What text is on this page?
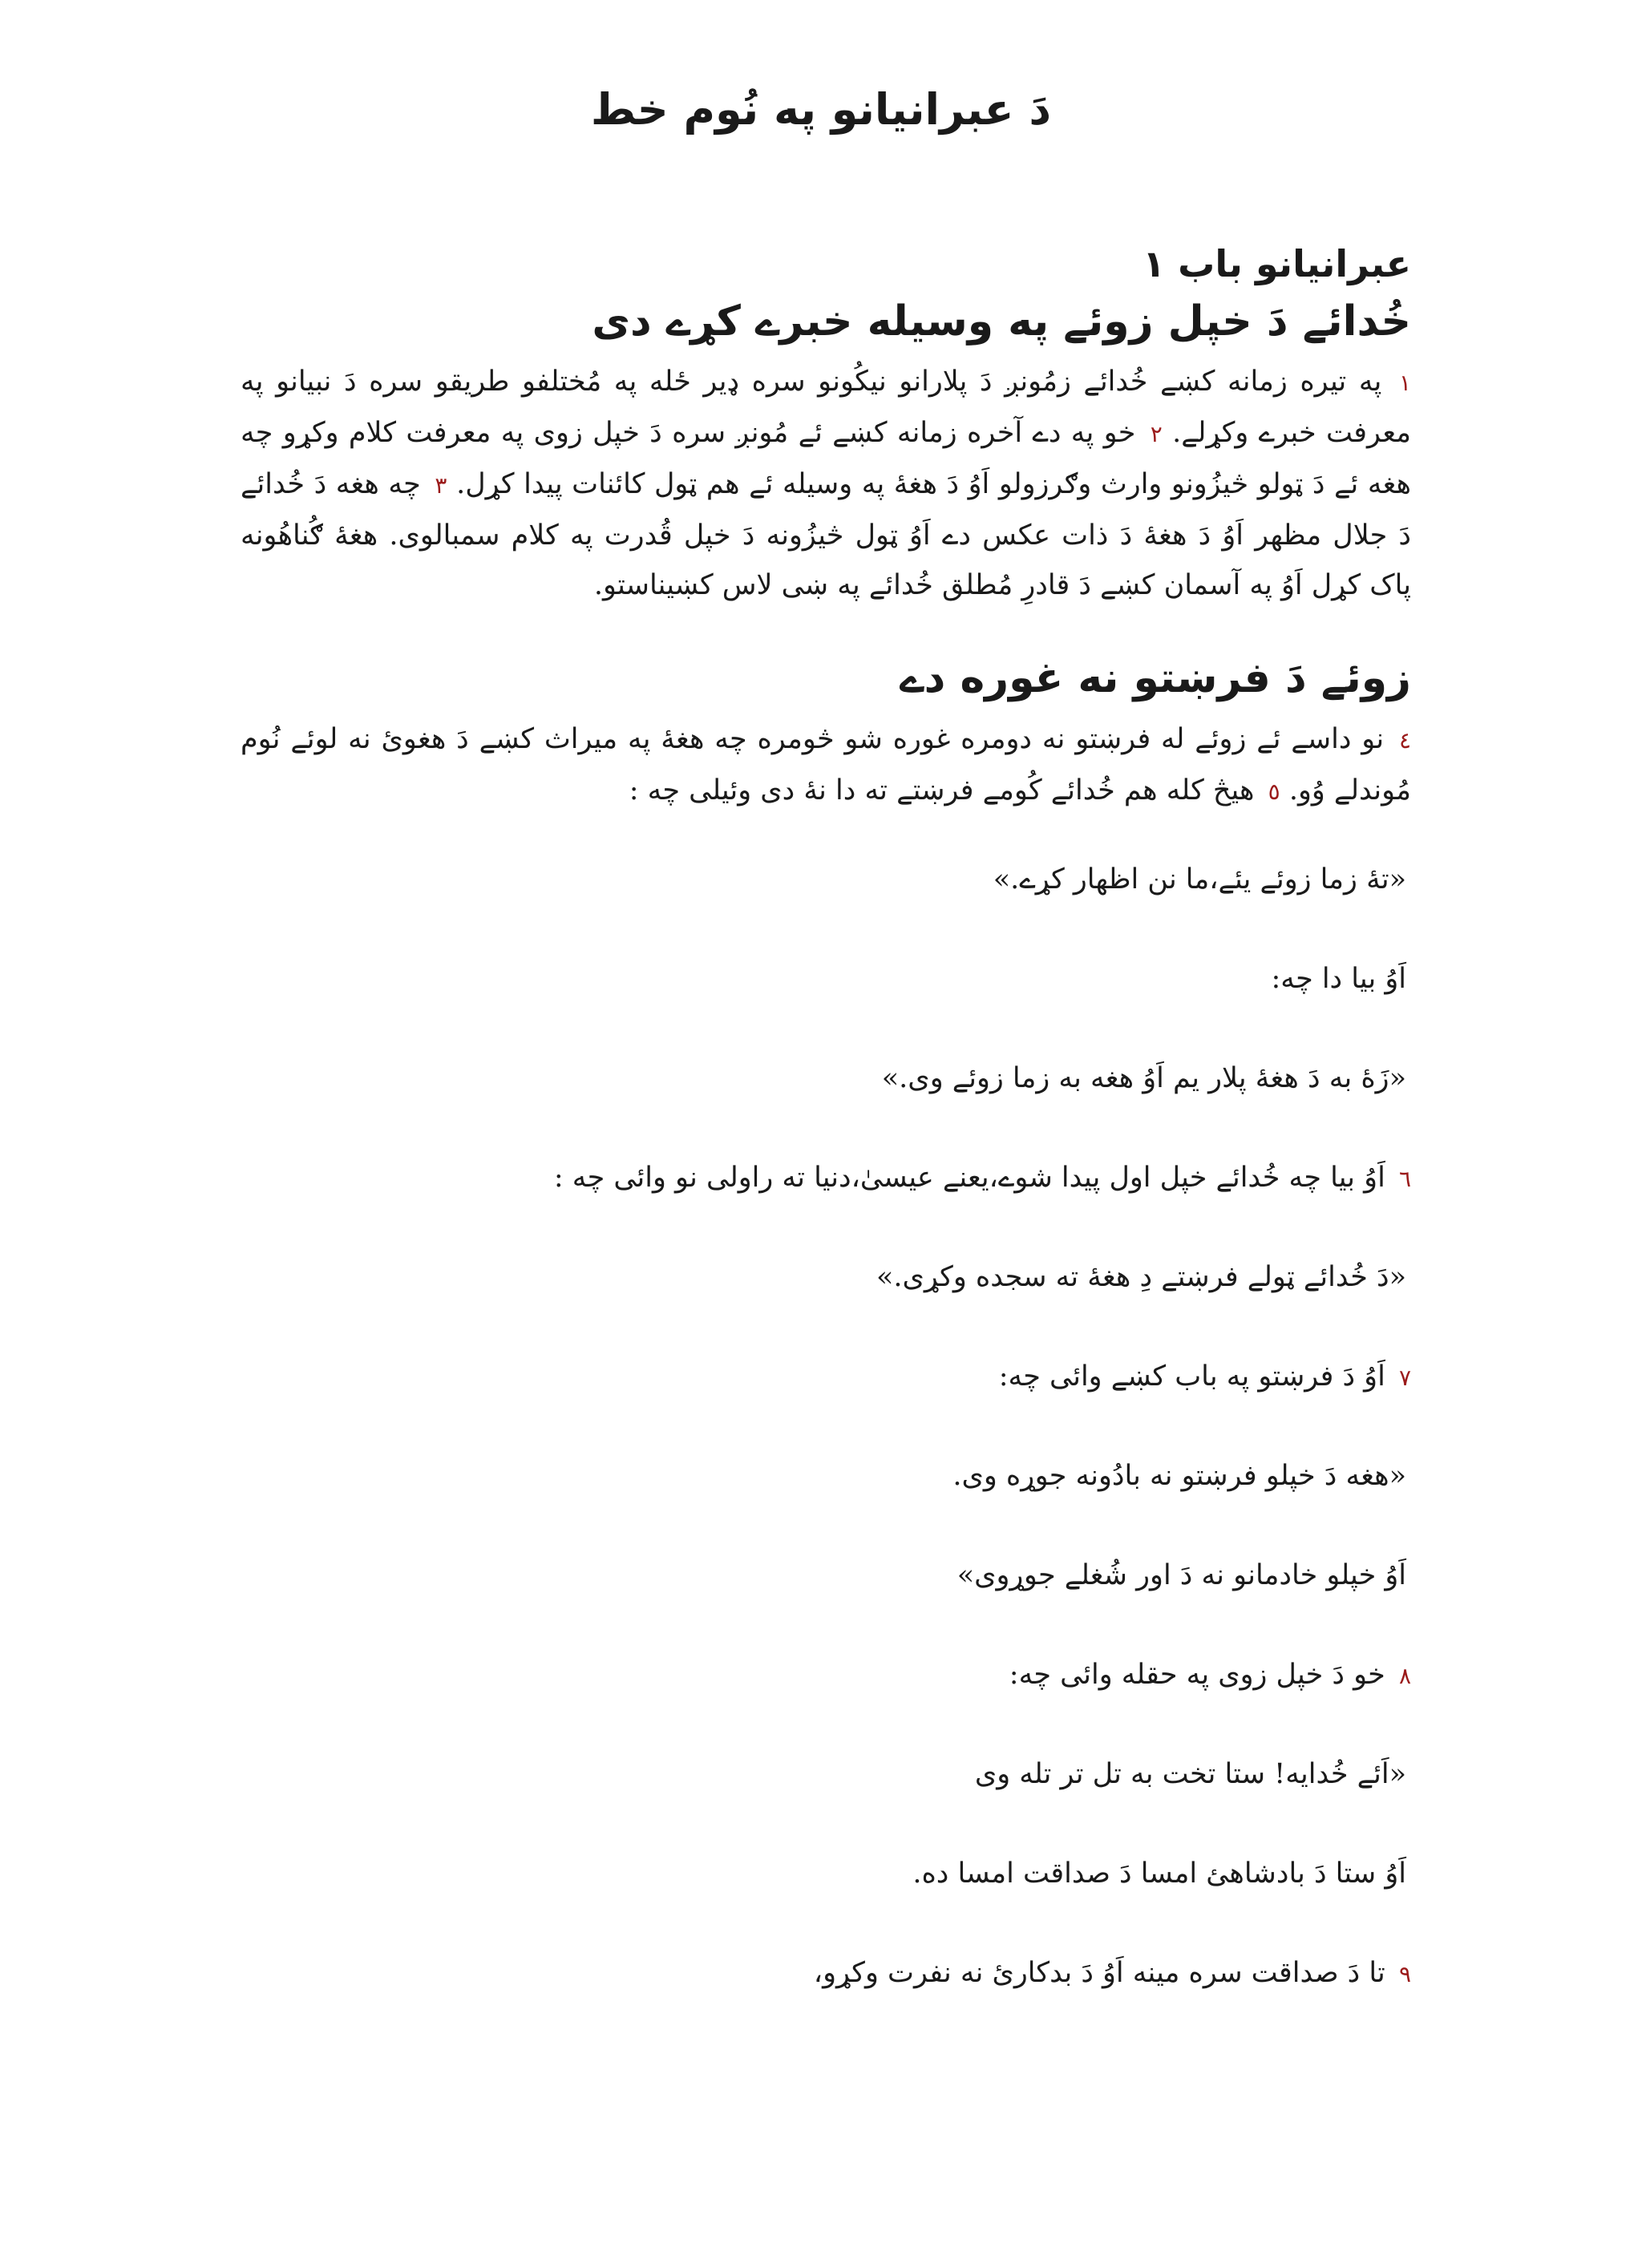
دَ عبرانيانو په نُوم خط
عبرانيانو باب ۱
خُدائے دَ خپل زوئے په وسيله خبرے کړے دی

۱ په تيره زمانه کښے خُدائے زمُونږ دَ پلارانو نيکُونو سره ډير ځله په مُختلفو طريقو سره دَ نبيانو په معرفت خبرے وکړلے. ۲ خو په دے آخره زمانه کښے ئے مُونږ سره دَ خپل زوی په معرفت کلام وکړو چه هغه ئے دَ ټولو څيزُونو وارث وګرزولو اَوُ دَ هغهٔ په وسيله ئے هم ټول کائنات پيدا کړل. ۳ چه هغه دَ خُدائے دَ جلال مظهر اَوُ دَ هغهٔ دَ ذات عکس دے اَوُ ټول څيزُونه دَ خپل قُدرت په کلام سمبالوی. هغهٔ ګُناهُونه پاک کړل اَوُ په آسمان کښے دَ قادرِ مُطلق خُدائے په ښی لاس کښيناستو.

زوئے دَ فرښتو نه غوره دے

٤ نو داسے ئے زوئے له فرښتو نه دومره غوره شو څومره چه هغهٔ په ميراث کښے دَ هغوئ نه لوئے نُوم مُوندلے وُو. ٥ هيڅ کله هم خُدائے کُومے فرښتے ته دا نهٔ دی وئيلی چه :

«تهٔ زما زوئے يئے،ما نن اظهار کړے.»

اَوُ بيا دا چه:

«زَهٔ به دَ هغهٔ پلار يم اَوُ هغه به زما زوئے وی.»

٦ اَوُ بيا چه خُدائے خپل اول پيدا شوے،يعنے عيسیٰ،دنيا ته راولی نو وائی چه :

«دَ خُدائے ټولے فرښتے دِ هغهٔ ته سجده وکړی.»

۷ اَوُ دَ فرښتو په باب کښے وائی چه:

«هغه دَ خپلو فرښتو نه بادُونه جوړه وی.

اَوُ خپلو خادمانو نه دَ اور شُغلے جوړوی»

۸ خو دَ خپل زوی په حقله وائی چه:

«اَئے خُدايه! ستا تخت به تل تر تله وی

اَوُ ستا دَ بادشاهئ امسا دَ صداقت امسا ده.

۹ تا دَ صداقت سره مينه اَوُ دَ بدکارئ نه نفرت وکړو،
